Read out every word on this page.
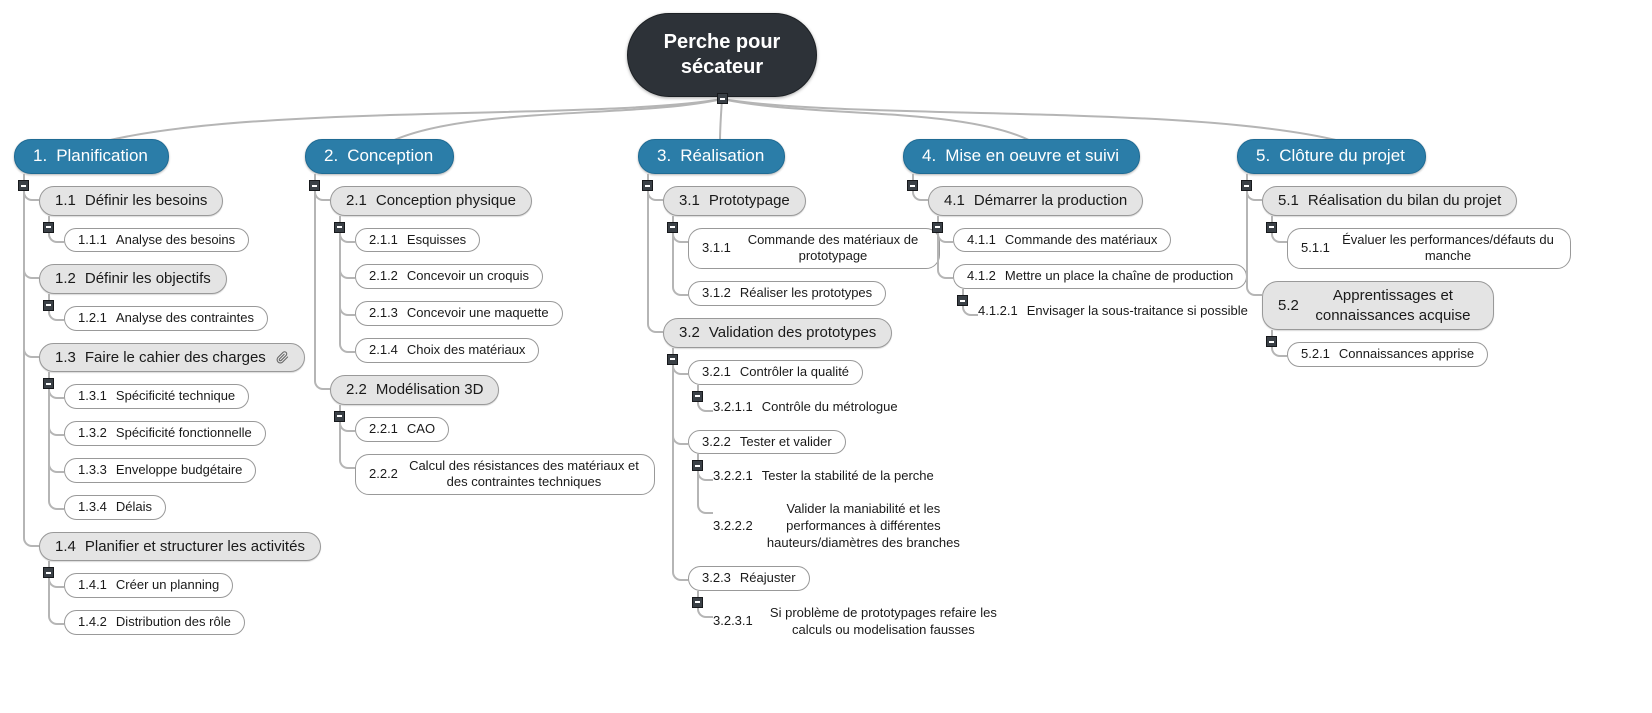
Perche pour sécateur
1. Planification
1.1 Définir les besoins
1.1.1 Analyse des besoins
1.2 Définir les objectifs
1.2.1 Analyse des contraintes
1.3 Faire le cahier des charges
1.3.1 Spécificité technique
1.3.2 Spécificité fonctionnelle
1.3.3 Enveloppe budgétaire
1.3.4 Délais
1.4 Planifier et structurer les activités
1.4.1 Créer un planning
1.4.2 Distribution des rôle
2. Conception
2.1 Conception physique
2.1.1 Esquisses
2.1.2 Concevoir un croquis
2.1.3 Concevoir une maquette
2.1.4 Choix des matériaux
2.2 Modélisation 3D
2.2.1 CAO
2.2.2
Calcul des résistances des matériaux et des contraintes techniques
3. Réalisation
3.1 Prototypage
3.1.1
Commande des matériaux de prototypage
3.1.2 Réaliser les prototypes
3.2 Validation des prototypes
3.2.1 Contrôler la qualité
3.2.1.1 Contrôle du métrologue
3.2.2 Tester et valider
3.2.2.1 Tester la stabilité de la perche
3.2.2.2
Valider la maniabilité et les performances à différentes hauteurs/diamètres des branches
3.2.3 Réajuster
3.2.3.1
Si problème de prototypages refaire les calculs ou modelisation fausses
4. Mise en oeuvre et suivi
4.1 Démarrer la production
4.1.1 Commande des matériaux
4.1.2 Mettre un place la chaîne de production
4.1.2.1 Envisager la sous-traitance si possible
5. Clôture du projet
5.1 Réalisation du bilan du projet
5.1.1
Évaluer les performances/défauts du manche
5.2
Apprentissages et connaissances acquise
5.2.1 Connaissances apprise
